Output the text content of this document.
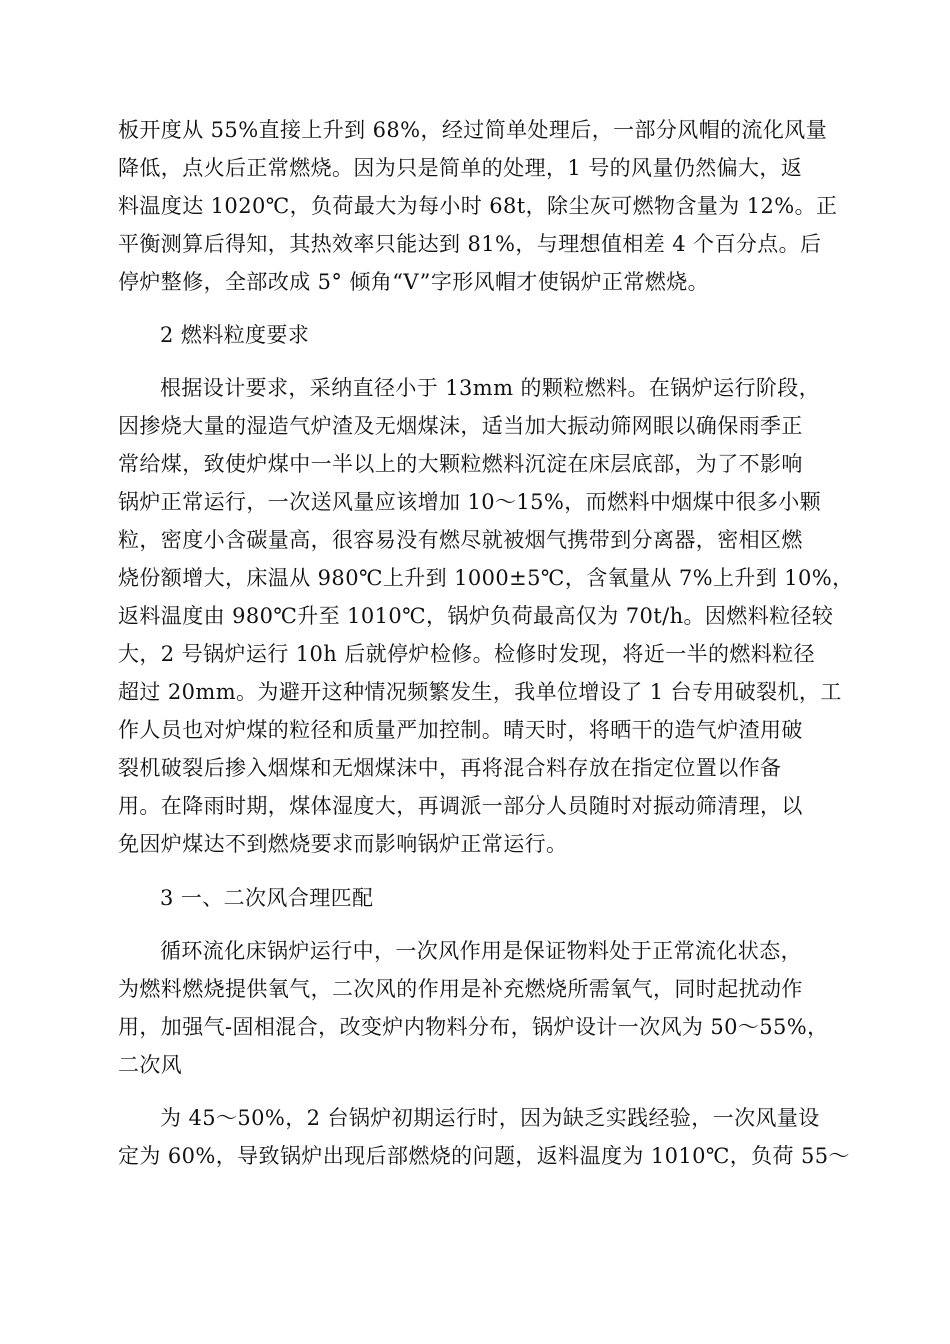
板开度从 55%直接上升到 68%，经过简单处理后，一部分风帽的流化风量
降低，点火后正常燃烧。因为只是简单的处理，1 号的风量仍然偏大，返
料温度达 1020℃，负荷最大为每小时 68t，除尘灰可燃物含量为 12%。正
平衡测算后得知，其热效率只能达到 81%，与理想值相差 4 个百分点。后
停炉整修，全部改成 5° 倾角“V”字形风帽才使锅炉正常燃烧。
2 燃料粒度要求
根据设计要求，采纳直径小于 13mm 的颗粒燃料。在锅炉运行阶段，
因掺烧大量的湿造气炉渣及无烟煤沫，适当加大振动筛网眼以确保雨季正
常给煤，致使炉煤中一半以上的大颗粒燃料沉淀在床层底部，为了不影响
锅炉正常运行，一次送风量应该增加 10～15%，而燃料中烟煤中很多小颗
粒，密度小含碳量高，很容易没有燃尽就被烟气携带到分离器，密相区燃
烧份额增大，床温从 980℃上升到 1000±5℃，含氧量从 7%上升到 10%，
返料温度由 980℃升至 1010℃，锅炉负荷最高仅为 70t/h。因燃料粒径较
大，2 号锅炉运行 10h 后就停炉检修。检修时发现，将近一半的燃料粒径
超过 20mm。为避开这种情况频繁发生，我单位增设了 1 台专用破裂机，工
作人员也对炉煤的粒径和质量严加控制。晴天时，将晒干的造气炉渣用破
裂机破裂后掺入烟煤和无烟煤沫中，再将混合料存放在指定位置以作备
用。在降雨时期，煤体湿度大，再调派一部分人员随时对振动筛清理，以
免因炉煤达不到燃烧要求而影响锅炉正常运行。
3 一、二次风合理匹配
循环流化床锅炉运行中，一次风作用是保证物料处于正常流化状态，
为燃料燃烧提供氧气，二次风的作用是补充燃烧所需氧气，同时起扰动作
用，加强气-固相混合，改变炉内物料分布，锅炉设计一次风为 50～55%，
二次风
为 45～50%，2 台锅炉初期运行时，因为缺乏实践经验，一次风量设
定为 60%，导致锅炉出现后部燃烧的问题，返料温度为 1010℃，负荷 55～
